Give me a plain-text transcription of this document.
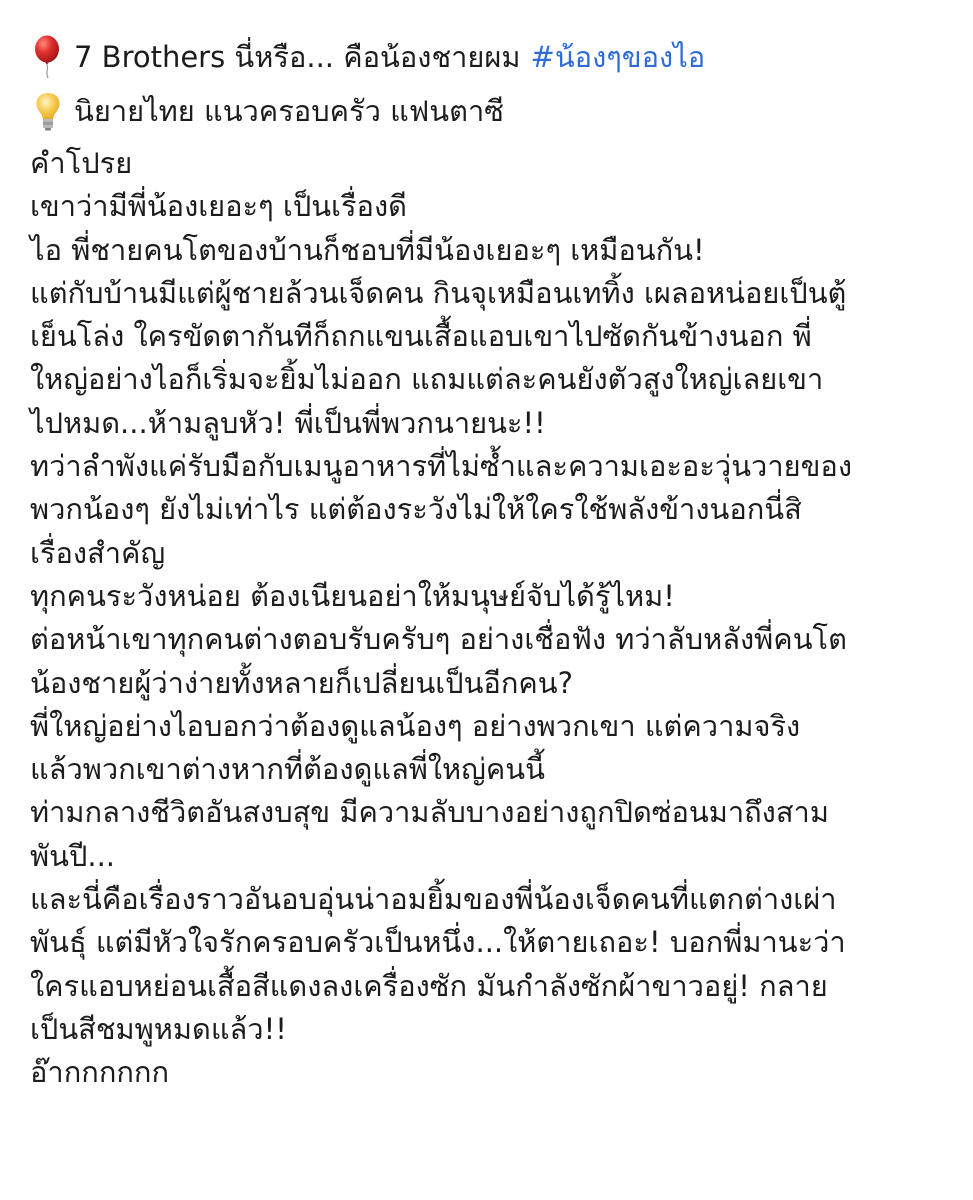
7 Brothers นี่หรือ... คือน้องชายผม #น้องๆของไอ
นิยายไทย แนวครอบครัว แฟนตาซี
คำโปรย
เขาว่ามีพี่น้องเยอะๆ เป็นเรื่องดี
ไอ พี่ชายคนโตของบ้านก็ชอบที่มีน้องเยอะๆ เหมือนกัน!
แต่กับบ้านมีแต่ผู้ชายล้วนเจ็ดคน กินจุเหมือนเททิ้ง เผลอหน่อยเป็นตู้
เย็นโล่ง ใครขัดตากันทีก็ถกแขนเสื้อแอบเขาไปซัดกันข้างนอก พี่
ใหญ่อย่างไอก็เริ่มจะยิ้มไม่ออก แถมแต่ละคนยังตัวสูงใหญ่เลยเขา
ไปหมด...ห้ามลูบหัว! พี่เป็นพี่พวกนายนะ!!
ทว่าลำพังแค่รับมือกับเมนูอาหารที่ไม่ซ้ำและความเอะอะวุ่นวายของ
พวกน้องๆ ยังไม่เท่าไร แต่ต้องระวังไม่ให้ใครใช้พลังข้างนอกนี่สิ
เรื่องสำคัญ
ทุกคนระวังหน่อย ต้องเนียนอย่าให้มนุษย์จับได้รู้ไหม!
ต่อหน้าเขาทุกคนต่างตอบรับครับๆ อย่างเชื่อฟัง ทว่าลับหลังพี่คนโต
น้องชายผู้ว่าง่ายทั้งหลายก็เปลี่ยนเป็นอีกคน?
พี่ใหญ่อย่างไอบอกว่าต้องดูแลน้องๆ อย่างพวกเขา แต่ความจริง
แล้วพวกเขาต่างหากที่ต้องดูแลพี่ใหญ่คนนี้
ท่ามกลางชีวิตอันสงบสุข มีความลับบางอย่างถูกปิดซ่อนมาถึงสาม
พันปี...
และนี่คือเรื่องราวอันอบอุ่นน่าอมยิ้มของพี่น้องเจ็ดคนที่แตกต่างเผ่า
พันธุ์ แต่มีหัวใจรักครอบครัวเป็นหนึ่ง...ให้ตายเถอะ! บอกพี่มานะว่า
ใครแอบหย่อนเสื้อสีแดงลงเครื่องซัก มันกำลังซักผ้าขาวอยู่! กลาย
เป็นสีชมพูหมดแล้ว!!
อ๊ากกกกกก
